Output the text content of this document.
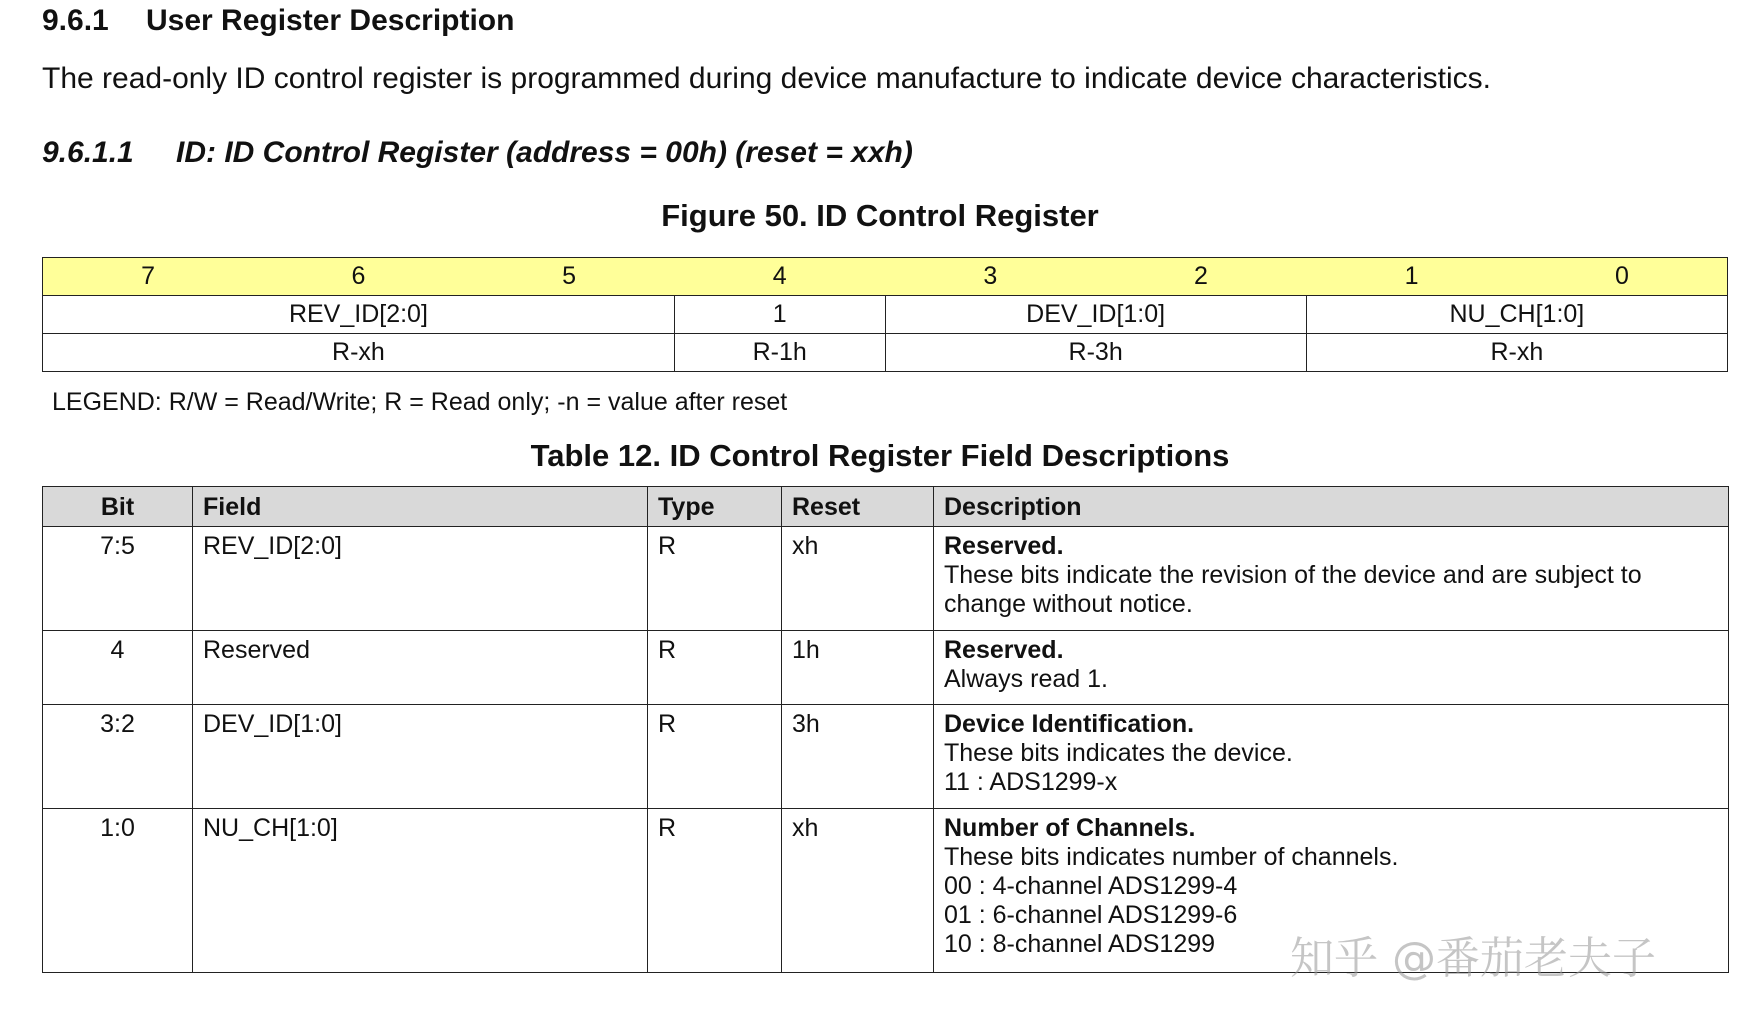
9.6.1 User Register Description
The read-only ID control register is programmed during device manufacture to indicate device characteristics.
9.6.1.1 ID: ID Control Register (address = 00h) (reset = xxh)
Figure 50. ID Control Register
7	6	5	4	3	2	1	0
REV_ID[2:0]			1	DEV_ID[1:0]		NU_CH[1:0]	
R-xh			R-1h	R-3h		R-xh	
LEGEND: R/W = Read/Write; R = Read only; -n = value after reset
Table 12. ID Control Register Field Descriptions
Bit	Field	Type	Reset	Description
7:5	REV_ID[2:0]	R	xh	Reserved.
These bits indicate the revision of the device and are subject to change without notice.

4	Reserved	R	1h	Reserved.
Always read 1.

3:2	DEV_ID[1:0]	R	3h	Device Identification.
These bits indicates the device.
11 : ADS1299-x

1:0	NU_CH[1:0]	R	xh	Number of Channels.
These bits indicates number of channels.
00 : 4-channel ADS1299-4
01 : 6-channel ADS1299-6
10 : 8-channel ADS1299	知乎 @番茄老夫子
